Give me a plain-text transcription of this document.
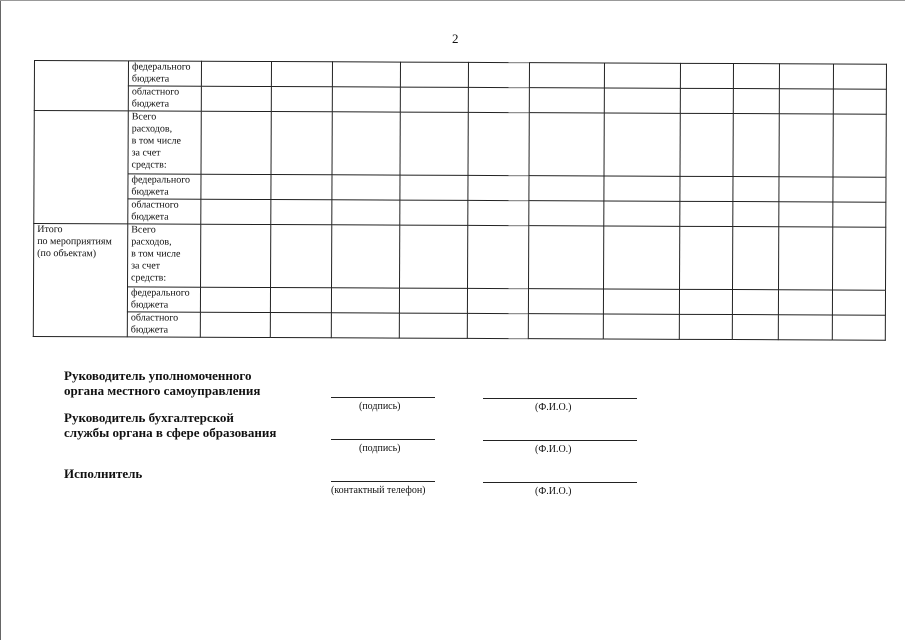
2
	федерального
бюджета											
	областного
бюджета											
	Всего
расходов,
в том числе
за счет
средств:											
	федерального
бюджета											
	областного
бюджета											
Итого
по мероприятиям
(по объектам)	Всего
расходов,
в том числе
за счет
средств:											
	федерального
бюджета											
	областного
бюджета											
Руководитель уполномоченного
органа местного самоуправления
(подпись)	(Ф.И.О.)
Руководитель бухгалтерской
службы органа в сфере образования
(подпись)	(Ф.И.О.)
Исполнитель
(контактный телефон)	(Ф.И.О.)
